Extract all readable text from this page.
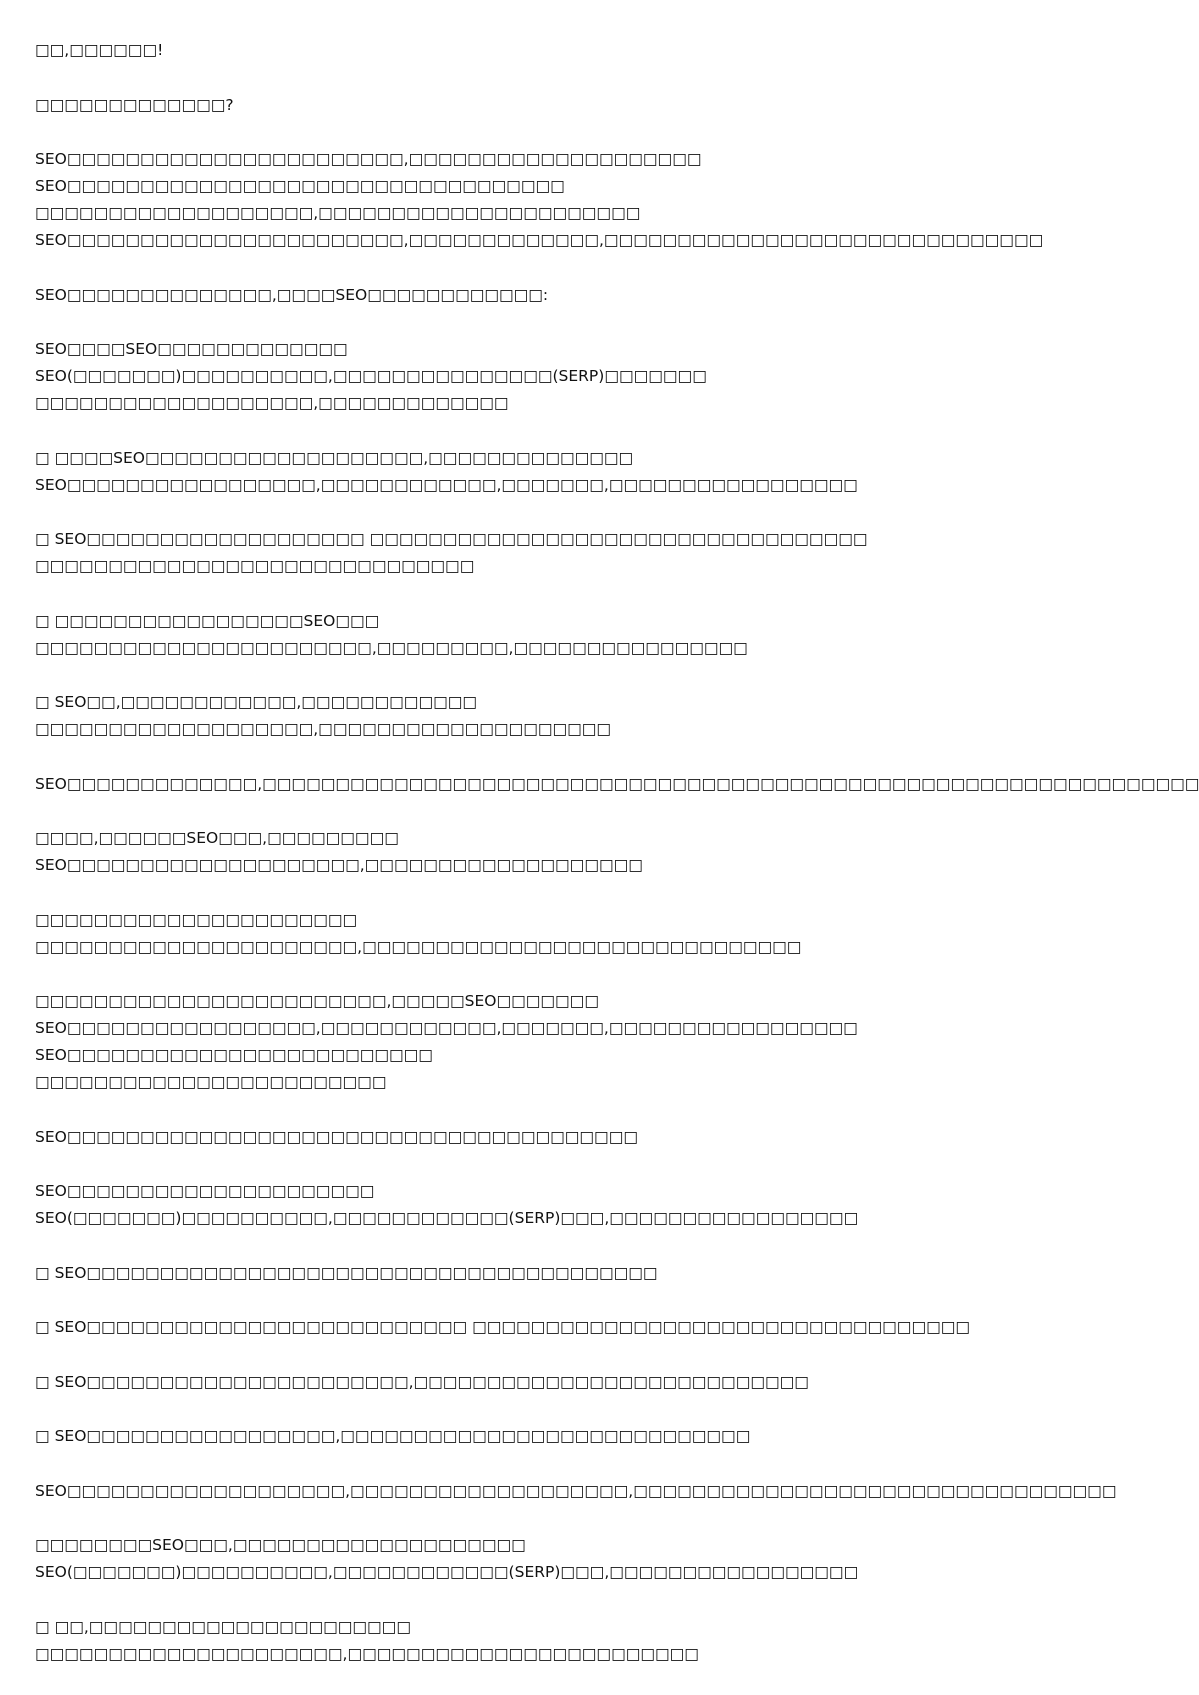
□□,□□□□□□!

□□□□□□□□□□□□□?

SEO□□□□□□□□□□□□□□□□□□□□□□□,□□□□□□□□□□□□□□□□□□□□ SEO□□□□□□□□□□□□□□□□□□□□□□□□□□□□□□□□□□
□□□□□□□□□□□□□□□□□□□,□□□□□□□□□□□□□□□□□□□□□□
SEO□□□□□□□□□□□□□□□□□□□□□□□,□□□□□□□□□□□□□,□□□□□□□□□□□□□□□□□□□□□□□□□□□□□□

SEO□□□□□□□□□□□□□□,□□□□SEO□□□□□□□□□□□□:

SEO□□□□SEO□□□□□□□□□□□□□ SEO(□□□□□□□)□□□□□□□□□□,□□□□□□□□□□□□□□□(SERP)□□□□□□□
□□□□□□□□□□□□□□□□□□□,□□□□□□□□□□□□□

□ □□□□SEO□□□□□□□□□□□□□□□□□□□,□□□□□□□□□□□□□□
SEO□□□□□□□□□□□□□□□□□,□□□□□□□□□□□□,□□□□□□□,□□□□□□□□□□□□□□□□□

□ SEO□□□□□□□□□□□□□□□□□□□ □□□□□□□□□□□□□□□□□□□□□□□□□□□□□□□□□□ □□□□□□□□□□□□□□□□□□□□□□□□□□□□□□

□ □□□□□□□□□□□□□□□□□SEO□□□ □□□□□□□□□□□□□□□□□□□□□□□,□□□□□□□□□,□□□□□□□□□□□□□□□□

□ SEO□□,□□□□□□□□□□□□,□□□□□□□□□□□□ □□□□□□□□□□□□□□□□□□□,□□□□□□□□□□□□□□□□□□□□

SEO□□□□□□□□□□□□□,□□□□□□□□□□□□□□□□□□□□□□□□□□□□□□□□□□□□□□□□□□□□□□□□□□□□□□□□□□□□□□□□

□□□□,□□□□□□SEO□□□,□□□□□□□□□ SEO□□□□□□□□□□□□□□□□□□□□,□□□□□□□□□□□□□□□□□□□

□□□□□□□□□□□□□□□□□□□□□□ □□□□□□□□□□□□□□□□□□□□□□,□□□□□□□□□□□□□□□□□□□□□□□□□□□□□□

□□□□□□□□□□□□□□□□□□□□□□□□,□□□□□SEO□□□□□□□
SEO□□□□□□□□□□□□□□□□□,□□□□□□□□□□□□,□□□□□□□,□□□□□□□□□□□□□□□□□ SEO□□□□□□□□□□□□□□□□□□□□□□□□□
□□□□□□□□□□□□□□□□□□□□□□□□

SEO□□□□□□□□□□□□□□□□□□□□□□□□□□□□□□□□□□□□□□□

SEO□□□□□□□□□□□□□□□□□□□□□ SEO(□□□□□□□)□□□□□□□□□□,□□□□□□□□□□□□(SERP)□□□,□□□□□□□□□□□□□□□□□

□ SEO□□□□□□□□□□□□□□□□□□□□□□□□□□□□□□□□□□□□□□□

□ SEO□□□□□□□□□□□□□□□□□□□□□□□□□□ □□□□□□□□□□□□□□□□□□□□□□□□□□□□□□□□□□

□ SEO□□□□□□□□□□□□□□□□□□□□□□,□□□□□□□□□□□□□□□□□□□□□□□□□□□

□ SEO□□□□□□□□□□□□□□□□□,□□□□□□□□□□□□□□□□□□□□□□□□□□□□

SEO□□□□□□□□□□□□□□□□□□□,□□□□□□□□□□□□□□□□□□□,□□□□□□□□□□□□□□□□□□□□□□□□□□□□□□□□□

□□□□□□□□SEO□□□,□□□□□□□□□□□□□□□□□□□□
SEO(□□□□□□□)□□□□□□□□□□,□□□□□□□□□□□□(SERP)□□□,□□□□□□□□□□□□□□□□□

□ □□,□□□□□□□□□□□□□□□□□□□□□□ □□□□□□□□□□□□□□□□□□□□□,□□□□□□□□□□□□□□□□□□□□□□□□
